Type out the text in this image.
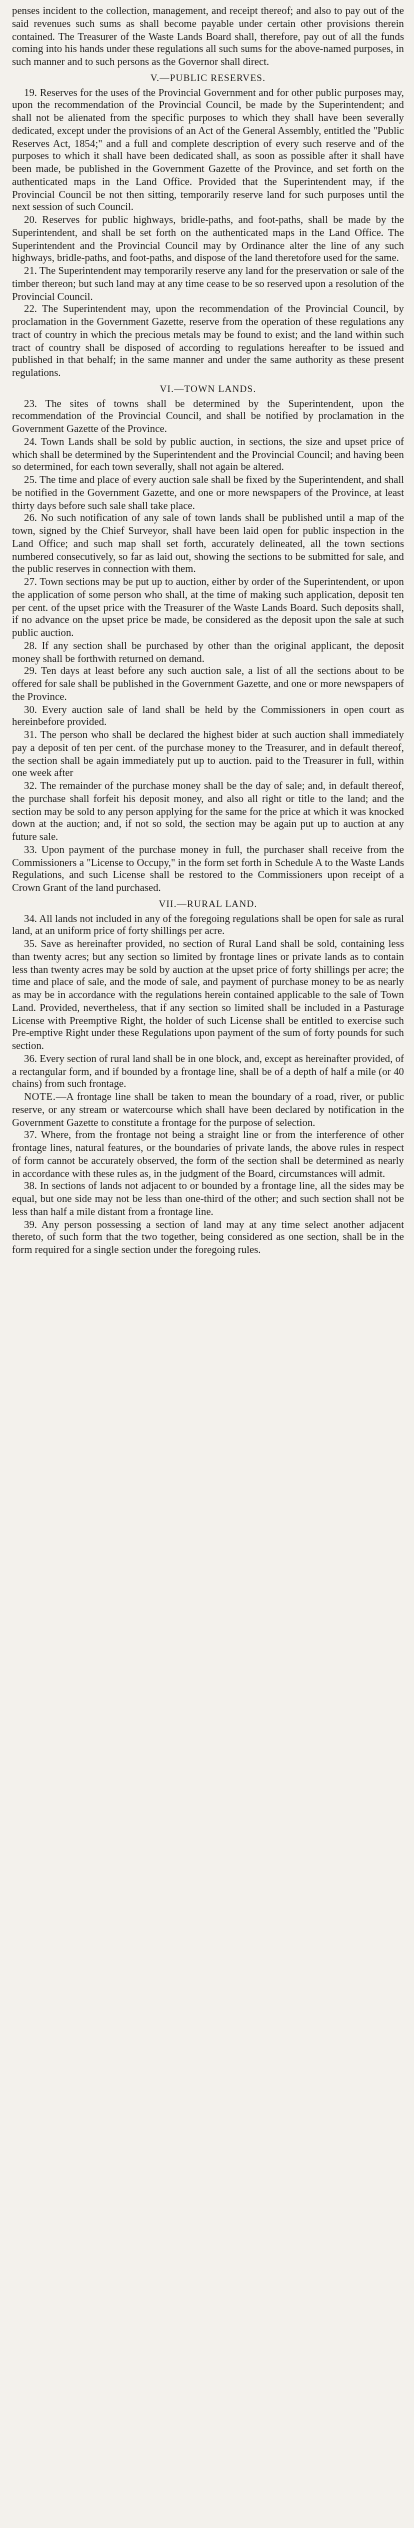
penses incident to the collection, management, and receipt thereof; and also to pay out of the said revenues such sums as shall become payable under certain other provisions therein contained. The Treasurer of the Waste Lands Board shall, therefore, pay out of all the funds coming into his hands under these regulations all such sums for the above-named purposes, in such manner and to such persons as the Governor shall direct.

V.—PUBLIC RESERVES.

19. Reserves for the uses of the Provincial Government and for other public purposes may, upon the recommendation of the Provincial Council, be made by the Superintendent; and shall not be alienated from the specific purposes to which they shall have been severally dedicated, except under the provisions of an Act of the General Assembly, entitled the "Public Reserves Act, 1854;" and a full and complete description of every such reserve and of the purposes to which it shall have been dedicated shall, as soon as possible after it shall have been made, be published in the Government Gazette of the Province, and set forth on the authenticated maps in the Land Office. Provided that the Superintendent may, if the Provincial Council be not then sitting, temporarily reserve land for such purposes until the next session of such Council.

20. Reserves for public highways, bridle-paths, and foot-paths, shall be made by the Superintendent, and shall be set forth on the authenticated maps in the Land Office. The Superintendent and the Provincial Council may by Ordinance alter the line of any such highways, bridle-paths, and foot-paths, and dispose of the land theretofore used for the same.

21. The Superintendent may temporarily reserve any land for the preservation or sale of the timber thereon; but such land may at any time cease to be so reserved upon a resolution of the Provincial Council.

22. The Superintendent may, upon the recommendation of the Provincial Council, by proclamation in the Government Gazette, reserve from the operation of these regulations any tract of country in which the precious metals may be found to exist; and the land within such tract of country shall be disposed of according to regulations hereafter to be issued and published in that behalf; in the same manner and under the same authority as these present regulations.

VI.—TOWN LANDS.

23. The sites of towns shall be determined by the Superintendent, upon the recommendation of the Provincial Council, and shall be notified by proclamation in the Government Gazette of the Province.

24. Town Lands shall be sold by public auction, in sections, the size and upset price of which shall be determined by the Superintendent and the Provincial Council; and having been so determined, for each town severally, shall not again be altered.

25. The time and place of every auction sale shall be fixed by the Superintendent, and shall be notified in the Government Gazette, and one or more newspapers of the Province, at least thirty days before such sale shall take place.

26. No such notification of any sale of town lands shall be published until a map of the town, signed by the Chief Surveyor, shall have been laid open for public inspection in the Land Office; and such map shall set forth, accurately delineated, all the town sections numbered consecutively, so far as laid out, showing the sections to be submitted for sale, and the public reserves in connection with them.

27. Town sections may be put up to auction, either by order of the Superintendent, or upon the application of some person who shall, at the time of making such application, deposit ten per cent. of the upset price with the Treasurer of the Waste Lands Board. Such deposits shall, if no advance on the upset price be made, be considered as the deposit upon the sale at such public auction.

28. If any section shall be purchased by other than the original applicant, the deposit money shall be forthwith returned on demand.

29. Ten days at least before any such auction sale, a list of all the sections about to be offered for sale shall be published in the Government Gazette, and one or more newspapers of the Province.

30. Every auction sale of land shall be held by the Commissioners in open court as hereinbefore provided.

31. The person who shall be declared the highest bider at such auction shall immediately pay a deposit of ten per cent. of the purchase money to the Treasurer, and in default thereof, the section shall be again immediately put up to auction. paid to the Treasurer in full, within one week after

32. The remainder of the purchase money shall be the day of sale; and, in default thereof, the purchase shall forfeit his deposit money, and also all right or title to the land; and the section may be sold to any person applying for the same for the price at which it was knocked down at the auction; and, if not so sold, the section may be again put up to auction at any future sale.

33. Upon payment of the purchase money in full, the purchaser shall receive from the Commissioners a "License to Occupy," in the form set forth in Schedule A to the Waste Lands Regulations, and such License shall be restored to the Commissioners upon receipt of a Crown Grant of the land purchased.

VII.—RURAL LAND.

34. All lands not included in any of the foregoing regulations shall be open for sale as rural land, at an uniform price of forty shillings per acre.

35. Save as hereinafter provided, no section of Rural Land shall be sold, containing less than twenty acres; but any section so limited by frontage lines or private lands as to contain less than twenty acres may be sold by auction at the upset price of forty shillings per acre; the time and place of sale, and the mode of sale, and payment of purchase money to be as nearly as may be in accordance with the regulations herein contained applicable to the sale of Town Land. Provided, nevertheless, that if any section so limited shall be included in a Pasturage License with Preemptive Right, the holder of such License shall be entitled to exercise such Pre-emptive Right under these Regulations upon payment of the sum of forty pounds for such section.

36. Every section of rural land shall be in one block, and, except as hereinafter provided, of a rectangular form, and if bounded by a frontage line, shall be of a depth of half a mile (or 40 chains) from such frontage.

NOTE.—A frontage line shall be taken to mean the boundary of a road, river, or public reserve, or any stream or watercourse which shall have been declared by notification in the Government Gazette to constitute a frontage for the purpose of selection.

37. Where, from the frontage not being a straight line or from the interference of other frontage lines, natural features, or the boundaries of private lands, the above rules in respect of form cannot be accurately observed, the form of the section shall be determined as nearly in accordance with these rules as, in the judgment of the Board, circumstances will admit.

38. In sections of lands not adjacent to or bounded by a frontage line, all the sides may be equal, but one side may not be less than one-third of the other; and such section shall not be less than half a mile distant from a frontage line.

39. Any person possessing a section of land may at any time select another adjacent thereto, of such form that the two together, being considered as one section, shall be in the form required for a single section under the foregoing rules.
